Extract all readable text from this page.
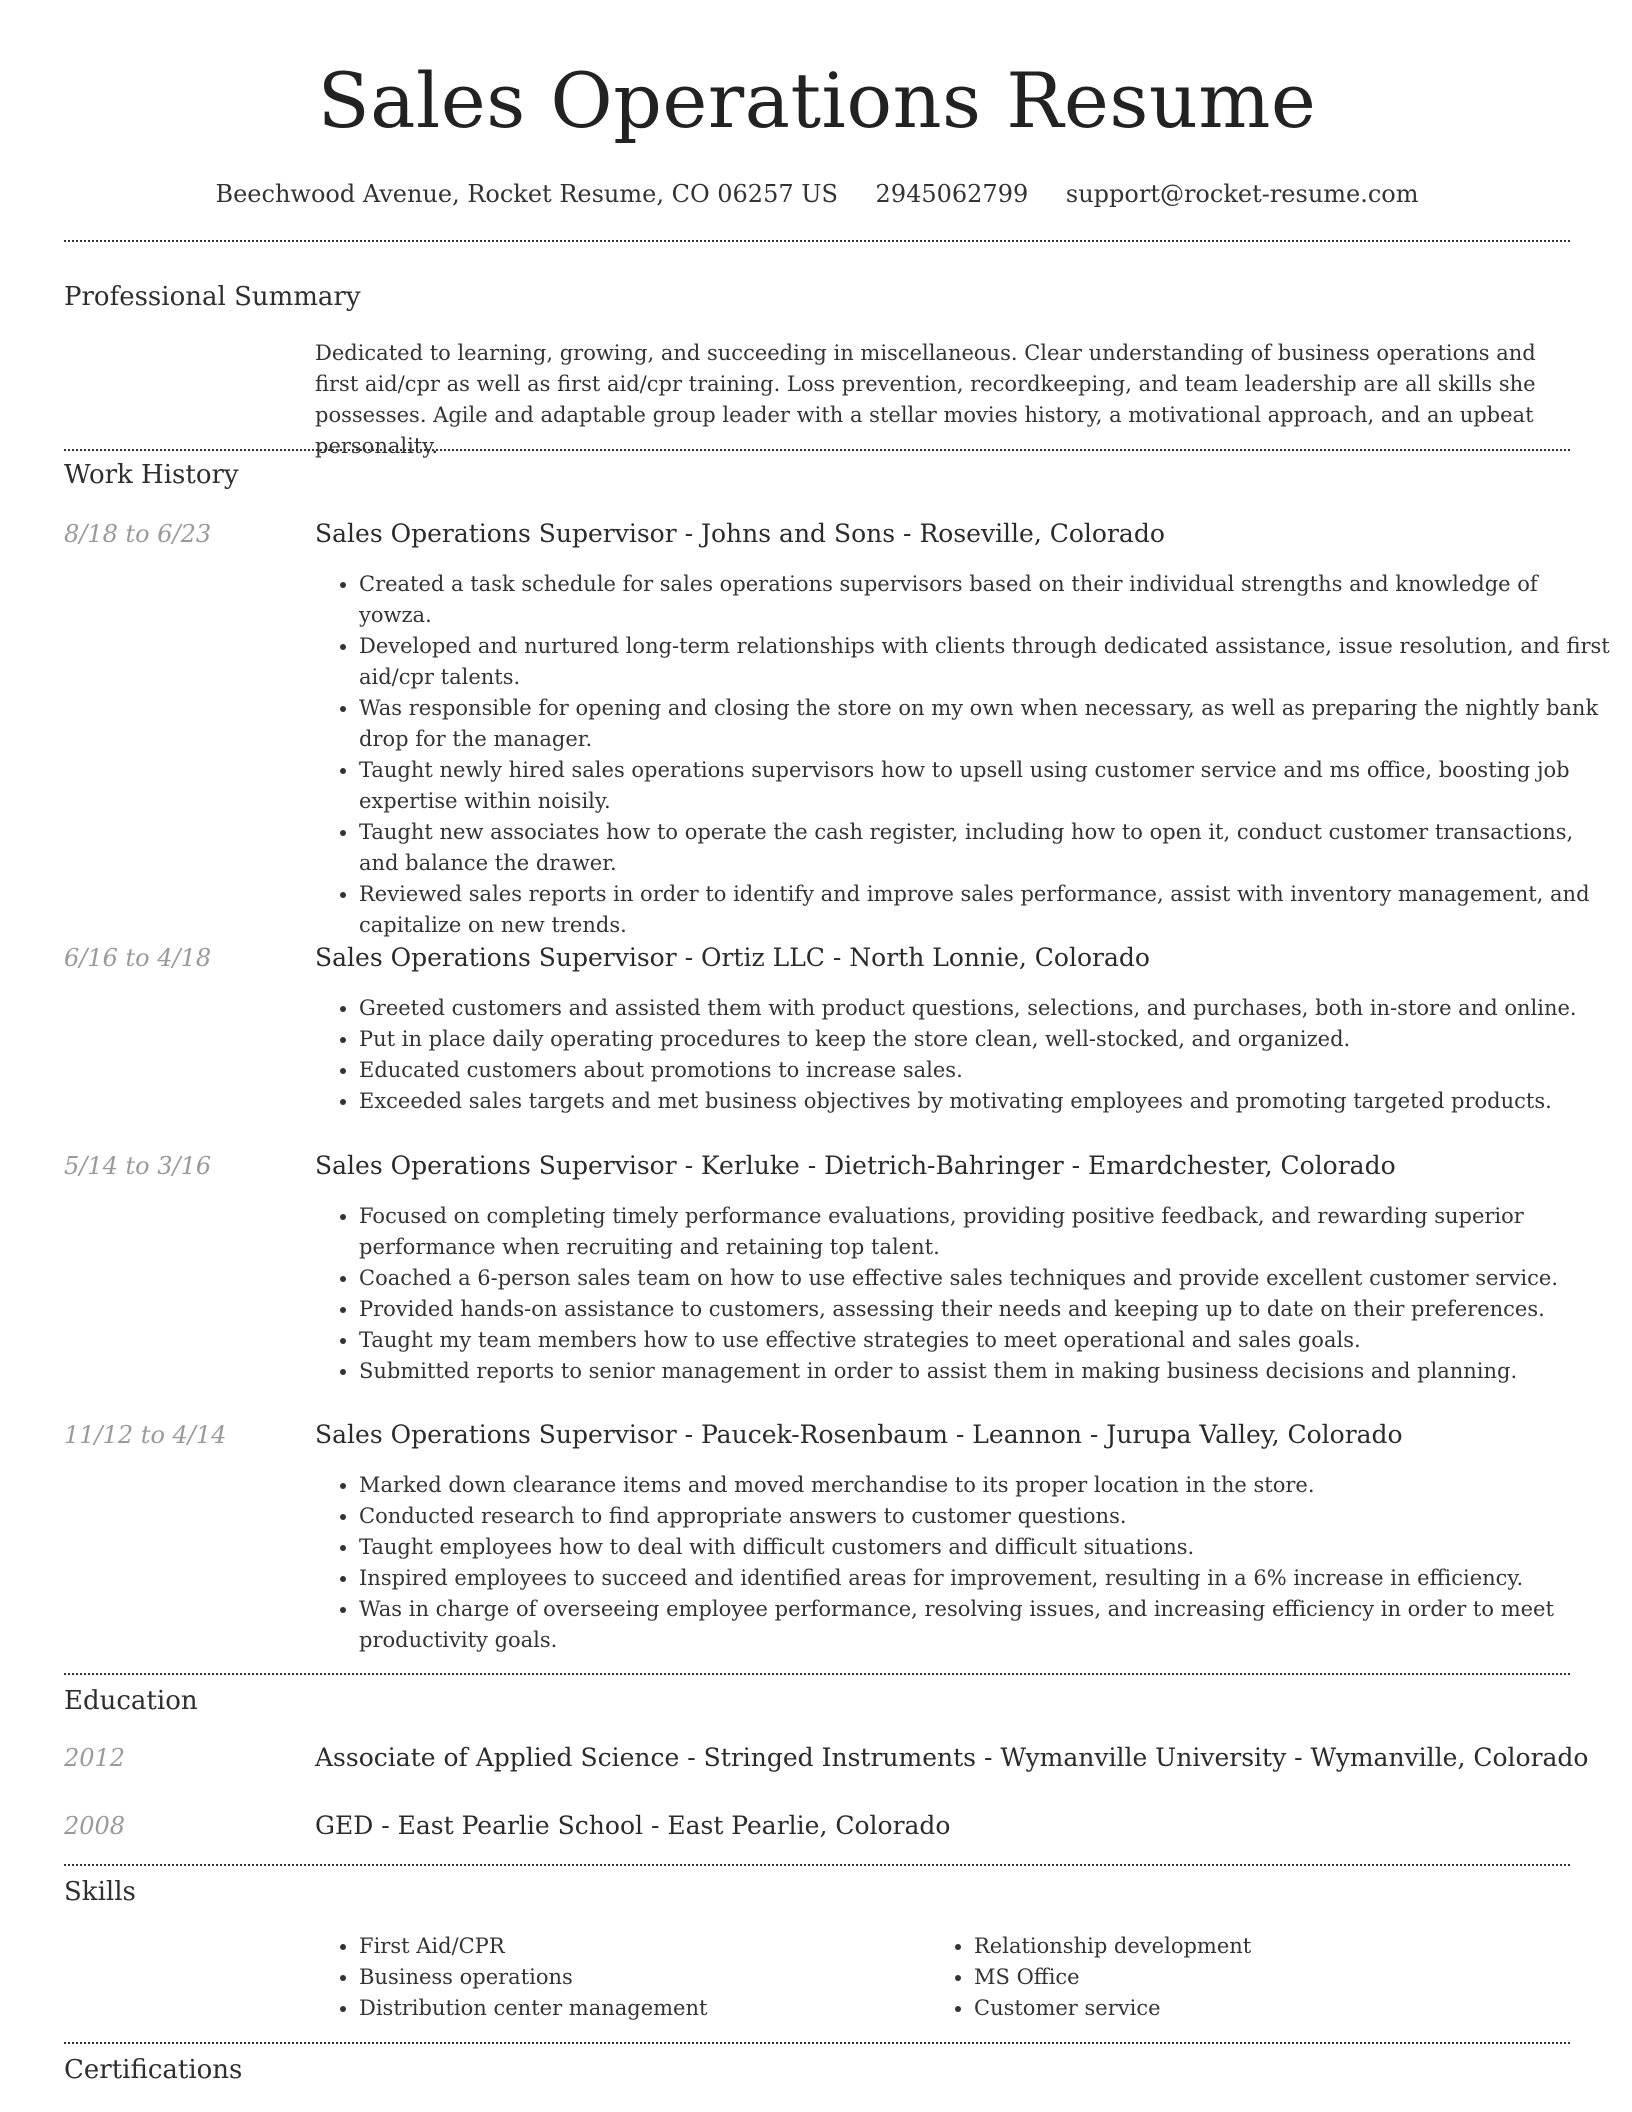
Sales Operations Resume
Beechwood Avenue, Rocket Resume, CO 06257 US 2945062799 support@rocket-resume.com
Professional Summary

Dedicated to learning, growing, and succeeding in miscellaneous. Clear understanding of business operations and first aid/cpr as well as first aid/cpr training. Loss prevention, recordkeeping, and team leadership are all skills she possesses. Agile and adaptable group leader with a stellar movies history, a motivational approach, and an upbeat personality.

Work History
8/18 to 6/23	Sales Operations Supervisor - Johns and Sons - Roseville, Colorado
• Created a task schedule for sales operations supervisors based on their individual strengths and knowledge of yowza.
• Developed and nurtured long-term relationships with clients through dedicated assistance, issue resolution, and first aid/cpr talents.
• Was responsible for opening and closing the store on my own when necessary, as well as preparing the nightly bank drop for the manager.
• Taught newly hired sales operations supervisors how to upsell using customer service and ms office, boosting job expertise within noisily.
• Taught new associates how to operate the cash register, including how to open it, conduct customer transactions, and balance the drawer.
• Reviewed sales reports in order to identify and improve sales performance, assist with inventory management, and capitalize on new trends.
6/16 to 4/18	Sales Operations Supervisor - Ortiz LLC - North Lonnie, Colorado
• Greeted customers and assisted them with product questions, selections, and purchases, both in-store and online.
• Put in place daily operating procedures to keep the store clean, well-stocked, and organized.
• Educated customers about promotions to increase sales.
• Exceeded sales targets and met business objectives by motivating employees and promoting targeted products.
5/14 to 3/16	Sales Operations Supervisor - Kerluke - Dietrich-Bahringer - Emardchester, Colorado
• Focused on completing timely performance evaluations, providing positive feedback, and rewarding superior performance when recruiting and retaining top talent.
• Coached a 6-person sales team on how to use effective sales techniques and provide excellent customer service.
• Provided hands-on assistance to customers, assessing their needs and keeping up to date on their preferences.
• Taught my team members how to use effective strategies to meet operational and sales goals.
• Submitted reports to senior management in order to assist them in making business decisions and planning.
11/12 to 4/14	Sales Operations Supervisor - Paucek-Rosenbaum - Leannon - Jurupa Valley, Colorado
• Marked down clearance items and moved merchandise to its proper location in the store.
• Conducted research to find appropriate answers to customer questions.
• Taught employees how to deal with difficult customers and difficult situations.
• Inspired employees to succeed and identified areas for improvement, resulting in a 6% increase in efficiency.
• Was in charge of overseeing employee performance, resolving issues, and increasing efficiency in order to meet productivity goals.
Education
2012	Associate of Applied Science - Stringed Instruments - Wymanville University - Wymanville, Colorado
2008	GED - East Pearlie School - East Pearlie, Colorado
Skills
• First Aid/CPR
• Business operations
• Distribution center management
• Relationship development
• MS Office
• Customer service
Certifications
